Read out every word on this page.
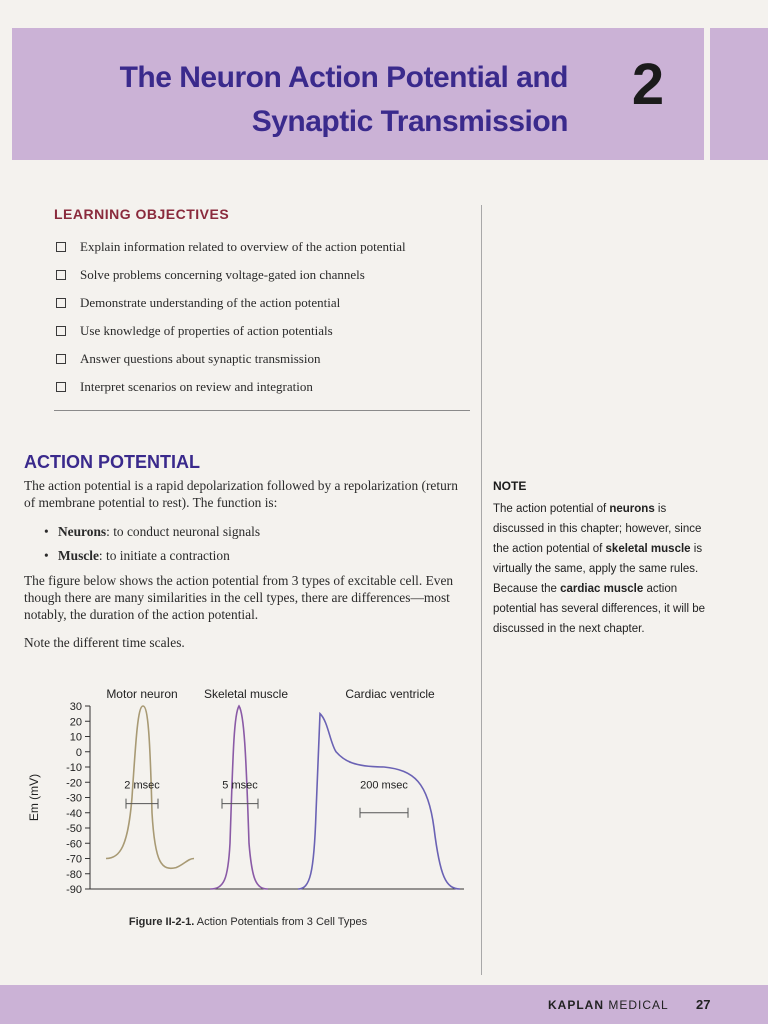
The Neuron Action Potential and
Synaptic Transmission
2
LEARNING OBJECTIVES
Explain information related to overview of the action potential
Solve problems concerning voltage-gated ion channels
Demonstrate understanding of the action potential
Use knowledge of properties of action potentials
Answer questions about synaptic transmission
Interpret scenarios on review and integration
ACTION POTENTIAL
The action potential is a rapid depolarization followed by a repolarization (return of membrane potential to rest). The function is:
• Neurons : to conduct neuronal signals
• Muscle : to initiate a contraction
The figure below shows the action potential from 3 types of excitable cell. Even though there are many similarities in the cell types, there are differences—most notably, the duration of the action potential.
Note the different time scales.
30
20
10
0
-10
-20
-30
-40
-50
-60
-70
-80
-90
Em (mV)
Motor neuron
2 msec
Skeletal muscle
5 msec
Cardiac ventricle
200 msec
Figure II-2-1. Action Potentials from 3 Cell Types
NOTE
The action potential of neurons is discussed in this chapter; however, since the action potential of skeletal muscle is virtually the same, apply the same rules. Because the cardiac muscle action potential has several differences, it will be discussed in the next chapter.
KAPLAN MEDICAL 27
